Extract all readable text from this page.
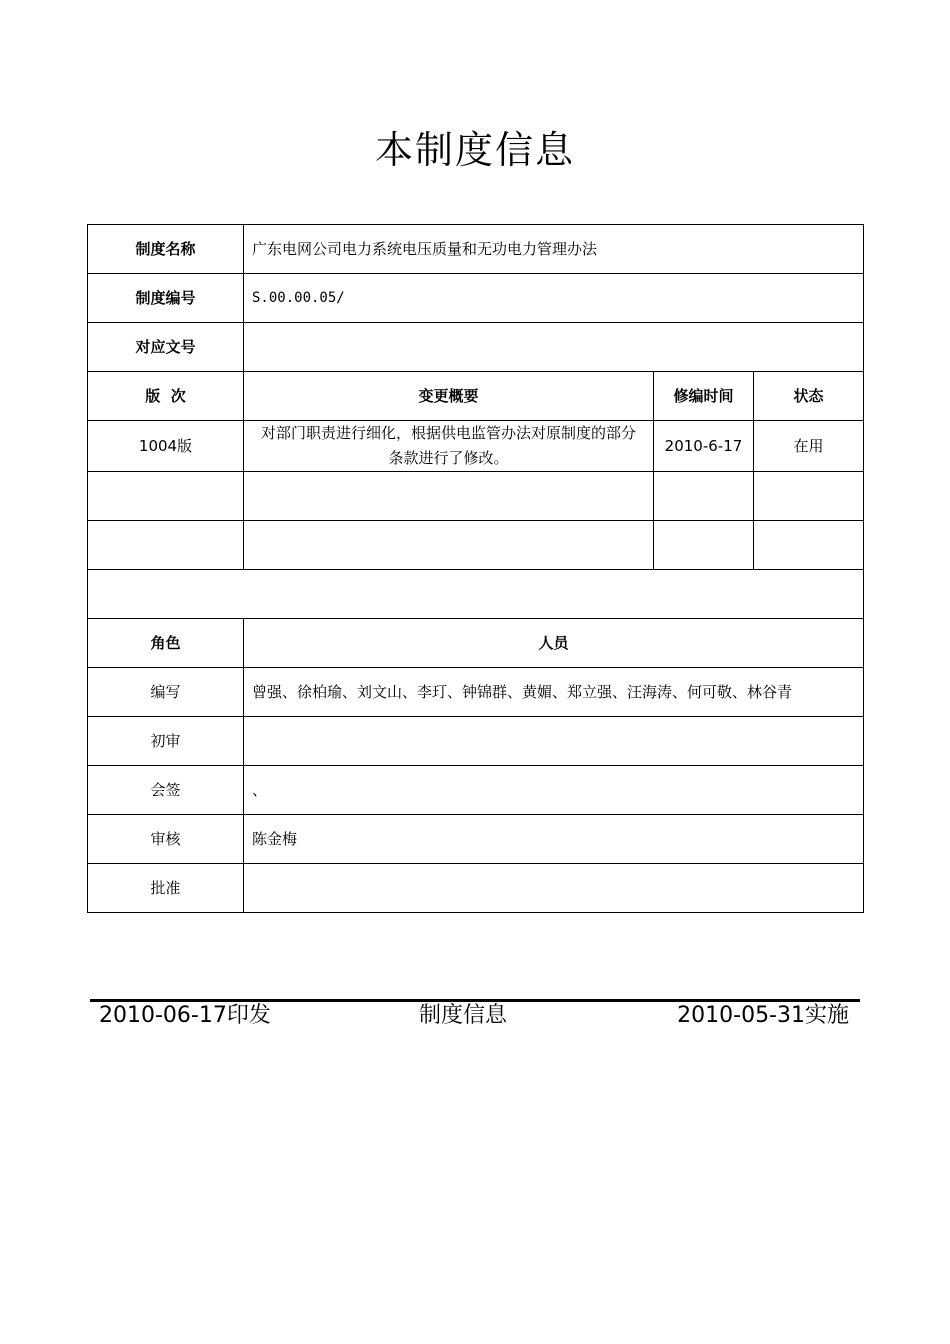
本制度信息
制度名称	广东电网公司电力系统电压质量和无功电力管理办法		
制度编号	S.00.00.05/		
对应文号			
版  次	变更概要	修编时间	状态
1004版	对部门职责进行细化，根据供电监管办法对原制度的部分条款进行了修改。	2010-6-17	在用

角色	人员		
编写	曾强、徐柏瑜、刘文山、李玎、钟锦群、黄媚、郑立强、汪海涛、何可敬、林谷青		
初审			
会签	、		
审核	陈金梅		
批准			
2010-06-17印发	制度信息	2010-05-31实施
